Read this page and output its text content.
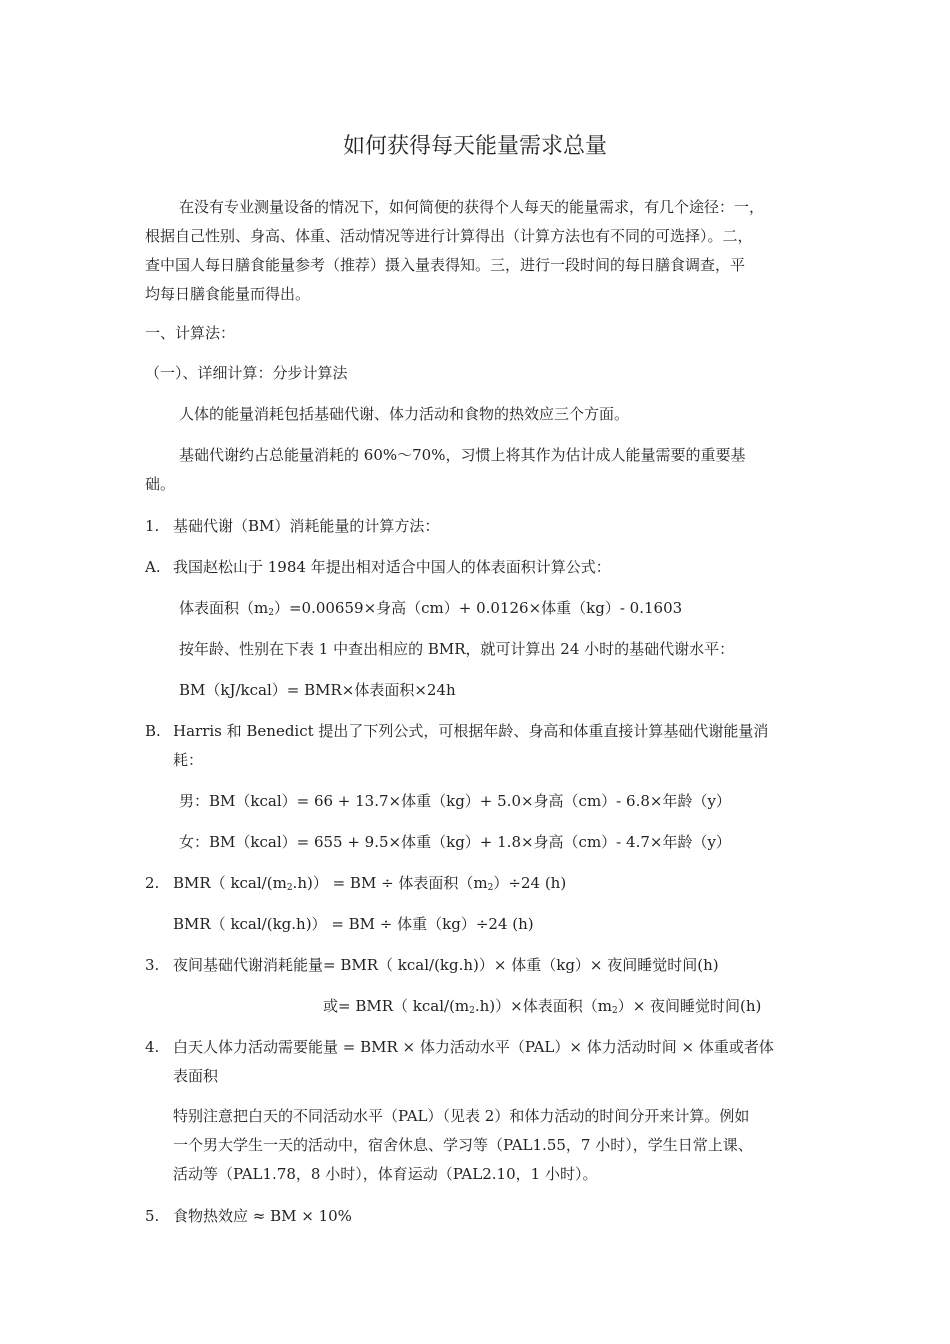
如何获得每天能量需求总量
在没有专业测量设备的情况下，如何简便的获得个人每天的能量需求，有几个途径：一，
根据自己性别、身高、体重、活动情况等进行计算得出（计算方法也有不同的可选择）。二，
查中国人每日膳食能量参考（推荐）摄入量表得知。三，进行一段时间的每日膳食调查，平
均每日膳食能量而得出。
一、计算法：
（一）、详细计算：分步计算法
人体的能量消耗包括基础代谢、体力活动和食物的热效应三个方面。
基础代谢约占总能量消耗的 60%～70%，习惯上将其作为估计成人能量需要的重要基
础。
1. 基础代谢（BM）消耗能量的计算方法：
A. 我国赵松山于 1984 年提出相对适合中国人的体表面积计算公式：
体表面积$(m_2)=0.00659\times$身高（cm）+ 0.0126×体重（kg）- 0.1603
按年龄、性别在下表 1 中查出相应的 BMR，就可计算出 24 小时的基础代谢水平：
BM（kJ/kcal）= BMR×体表面积×24h
B. Harris 和 Benedict 提出了下列公式，可根据年龄、身高和体重直接计算基础代谢能量消
耗：
男：BM（kcal）= 66 + 13.7×体重（kg）+ 5.0×身高（cm）- 6.8×年龄（y）
女：BM（kcal）= 655 + 9.5×体重（kg）+ 1.8×身高（cm）- 4.7×年龄（y）
2. BMR（ kcal/$(m_2.h)$） = BM ÷ 体表面积$(m_2)\div 24$ (h)
BMR（ kcal/(kg.h)） = BM ÷ 体重（kg）÷24 (h)
3. 夜间基础代谢消耗能量= BMR（ kcal/(kg.h)）× 体重（kg）× 夜间睡觉时间(h)
或= BMR（ kcal/$(m_2.h))\times$体表面积$(m_2)\times$ 夜间睡觉时间(h)
4. 白天人体力活动需要能量 = BMR × 体力活动水平（PAL）× 体力活动时间 × 体重或者体
表面积
特别注意把白天的不同活动水平（PAL）（见表 2）和体力活动的时间分开来计算。例如
一个男大学生一天的活动中，宿舍休息、学习等（PAL1.55，7 小时），学生日常上课、
活动等（PAL1.78，8 小时），体育运动（PAL2.10，1 小时）。
5. 食物热效应 ≈ BM × 10%
